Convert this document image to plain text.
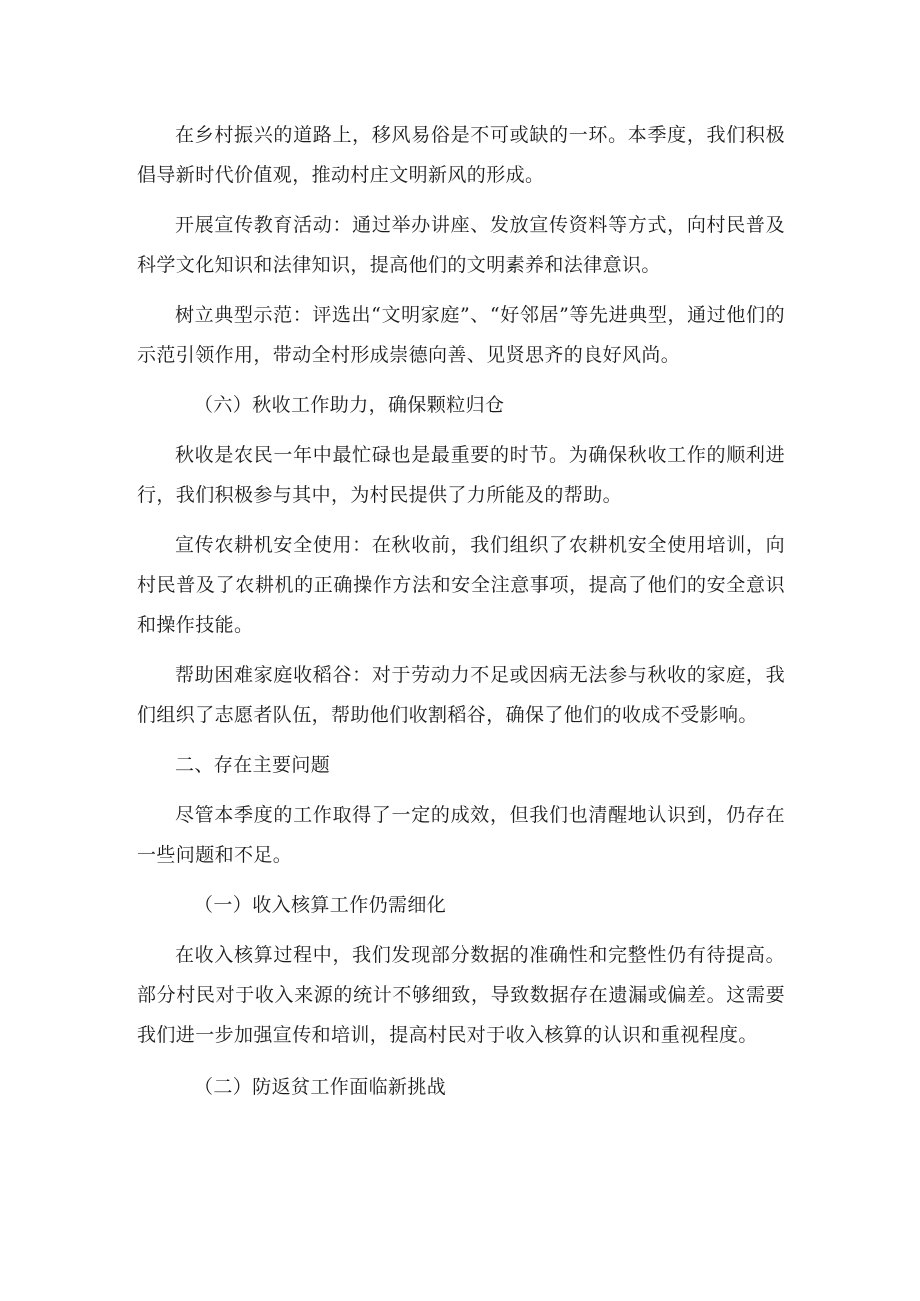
在乡村振兴的道路上，移风易俗是不可或缺的一环。本季度，我们积极倡导新时代价值观，推动村庄文明新风的形成。

开展宣传教育活动：通过举办讲座、发放宣传资料等方式，向村民普及科学文化知识和法律知识，提高他们的文明素养和法律意识。

树立典型示范：评选出“文明家庭”、“好邻居”等先进典型，通过他们的示范引领作用，带动全村形成崇德向善、见贤思齐的良好风尚。

（六）秋收工作助力，确保颗粒归仓

秋收是农民一年中最忙碌也是最重要的时节。为确保秋收工作的顺利进行，我们积极参与其中，为村民提供了力所能及的帮助。

宣传农耕机安全使用：在秋收前，我们组织了农耕机安全使用培训，向村民普及了农耕机的正确操作方法和安全注意事项，提高了他们的安全意识和操作技能。

帮助困难家庭收稻谷：对于劳动力不足或因病无法参与秋收的家庭，我们组织了志愿者队伍，帮助他们收割稻谷，确保了他们的收成不受影响。

二、存在主要问题

尽管本季度的工作取得了一定的成效，但我们也清醒地认识到，仍存在一些问题和不足。

（一）收入核算工作仍需细化

在收入核算过程中，我们发现部分数据的准确性和完整性仍有待提高。部分村民对于收入来源的统计不够细致，导致数据存在遗漏或偏差。这需要我们进一步加强宣传和培训，提高村民对于收入核算的认识和重视程度。

（二）防返贫工作面临新挑战
